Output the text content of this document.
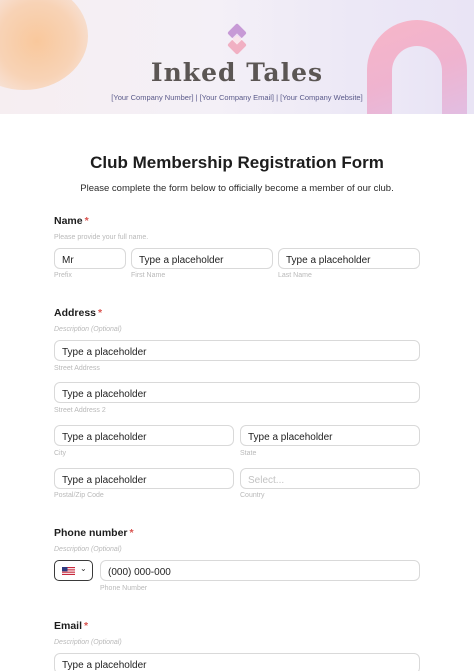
Inked Tales
[Your Company Number] | [Your Company Email] | [Your Company Website]
Club Membership Registration Form
Please complete the form below to officially become a member of our club.
Name *
Please provide your full name.
Mr
Prefix
Type a placeholder
First Name
Type a placeholder
Last Name
Address *
Description (Optional)
Type a placeholder
Street Address
Type a placeholder
Street Address 2
Type a placeholder
City
Type a placeholder
State
Type a placeholder
Postal/Zip Code
Select...
Country
Phone number *
Description (Optional)
⌄	(000) 000-000
Phone Number
Email *
Description (Optional)
Type a placeholder
